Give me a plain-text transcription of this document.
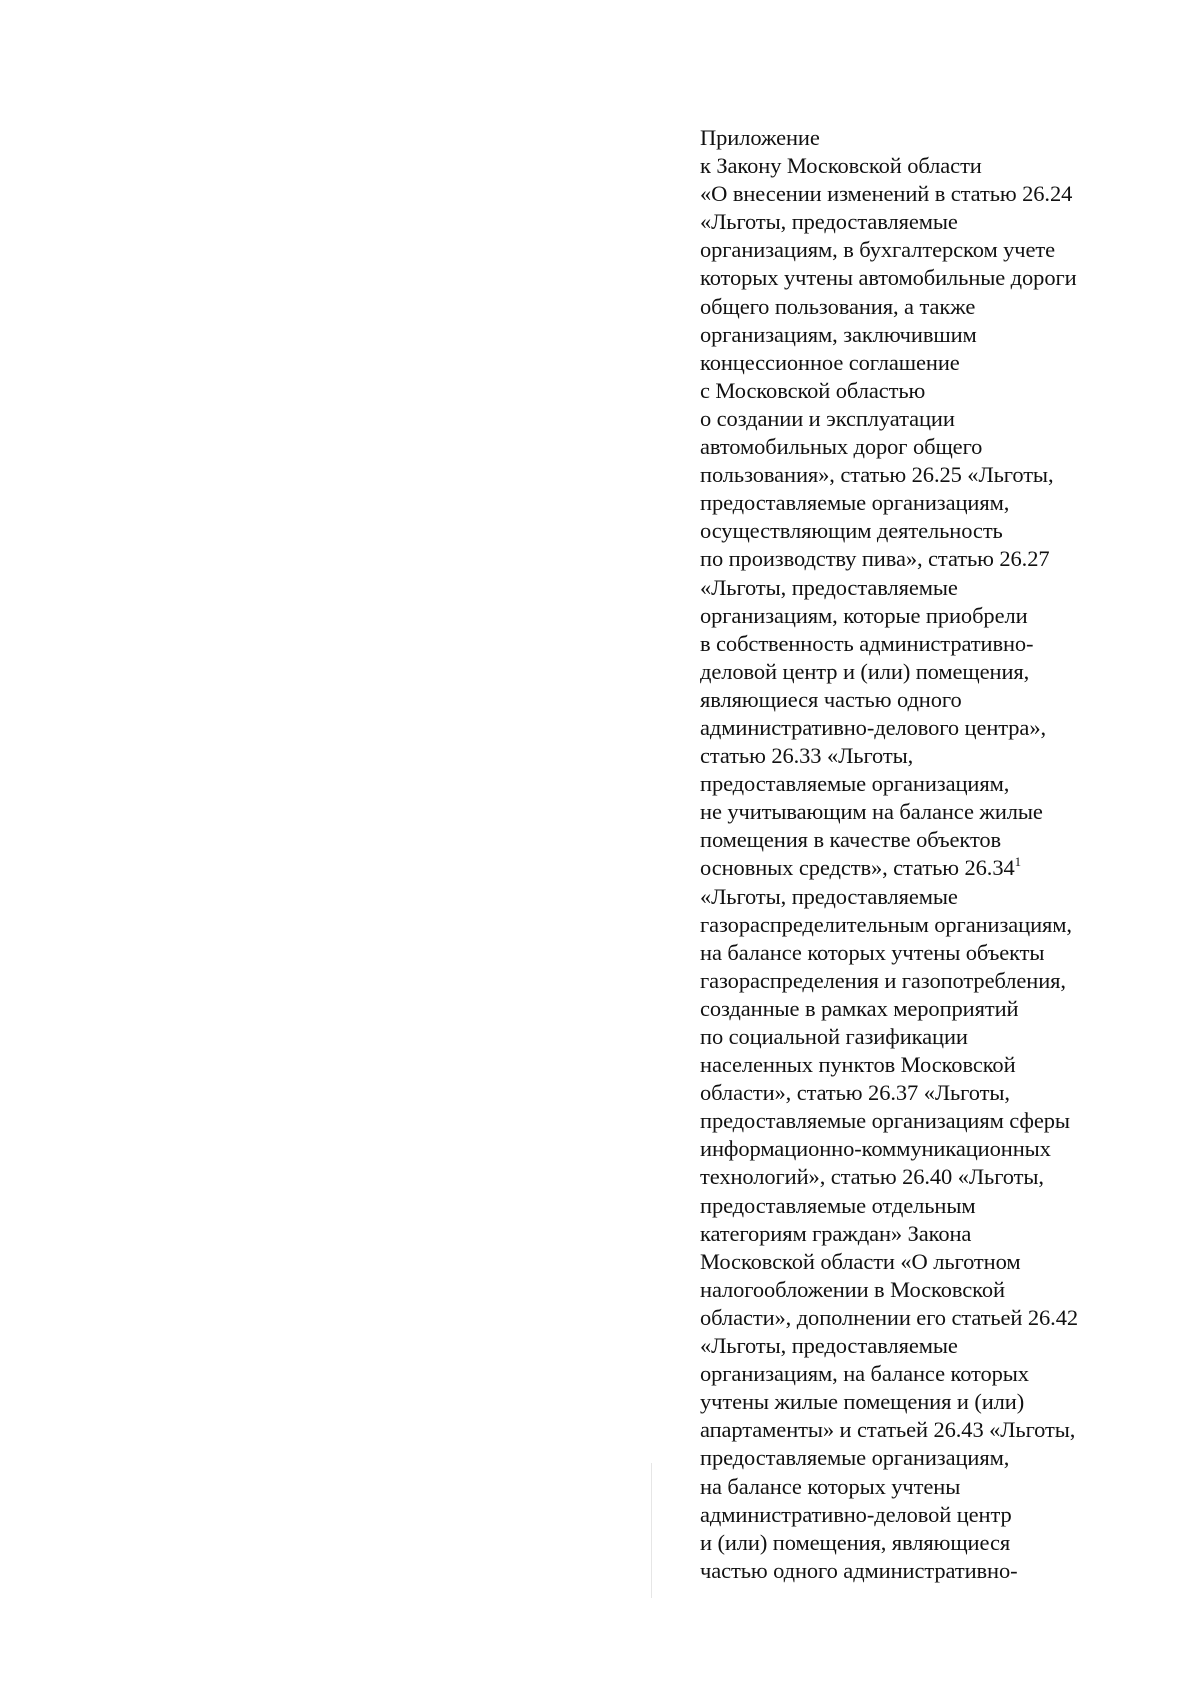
Приложение
к Закону Московской области
«О внесении изменений в статью 26.24
«Льготы, предоставляемые
организациям, в бухгалтерском учете
которых учтены автомобильные дороги
общего пользования, а также
организациям, заключившим
концессионное соглашение
с Московской областью
о создании и эксплуатации
автомобильных дорог общего
пользования», статью 26.25 «Льготы,
предоставляемые организациям,
осуществляющим деятельность
по производству пива», статью 26.27
«Льготы, предоставляемые
организациям, которые приобрели
в собственность административно-
деловой центр и (или) помещения,
являющиеся частью одного
административно-делового центра»,
статью 26.33 «Льготы,
предоставляемые организациям,
не учитывающим на балансе жилые
помещения в качестве объектов
основных средств», статью 26.34$^1$
«Льготы, предоставляемые
газораспределительным организациям,
на балансе которых учтены объекты
газораспределения и газопотребления,
созданные в рамках мероприятий
по социальной газификации
населенных пунктов Московской
области», статью 26.37 «Льготы,
предоставляемые организациям сферы
информационно-коммуникационных
технологий», статью 26.40 «Льготы,
предоставляемые отдельным
категориям граждан» Закона
Московской области «О льготном
налогообложении в Московской
области», дополнении его статьей 26.42
«Льготы, предоставляемые
организациям, на балансе которых
учтены жилые помещения и (или)
апартаменты» и статьей 26.43 «Льготы,
предоставляемые организациям,
на балансе которых учтены
административно-деловой центр
и (или) помещения, являющиеся
частью одного административно-
